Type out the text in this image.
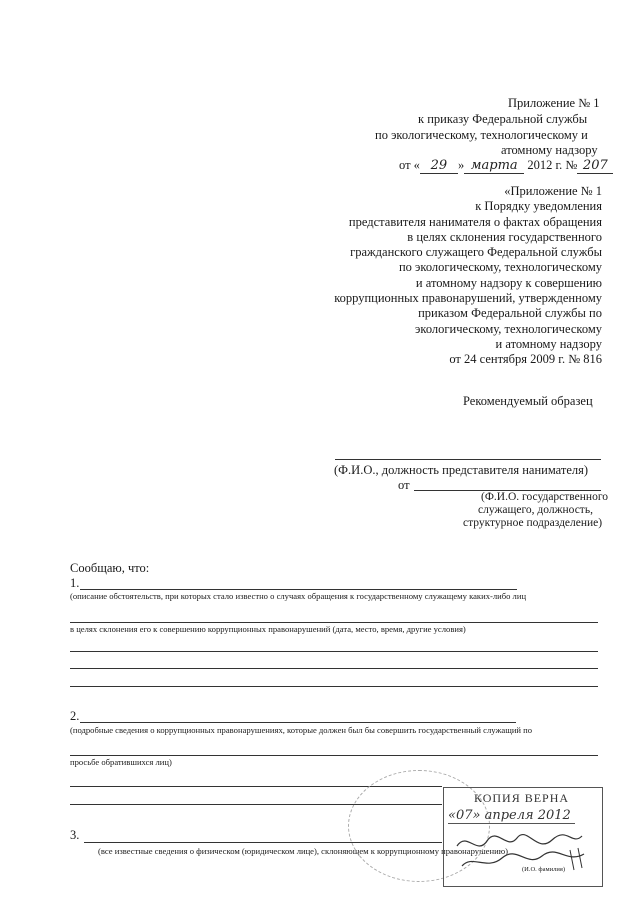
Приложение № 1
к приказу Федеральной службы
по экологическому, технологическому и
атомному надзору
от « 29 » марта 2012 г. № 207
«Приложение № 1
к Порядку уведомления
представителя нанимателя о фактах обращения
в целях склонения государственного
гражданского служащего Федеральной службы
по экологическому, технологическому
и атомному надзору к совершению
коррупционных правонарушений, утвержденному
приказом Федеральной службы по
экологическому, технологическому
и атомному надзору
от 24 сентября 2009 г. № 816
Рекомендуемый образец
(Ф.И.О., должность представителя нанимателя)
от
(Ф.И.О. государственного
служащего, должность,
структурное подразделение)
Сообщаю, что:
1.
(описание обстоятельств, при которых стало известно о случаях обращения к государственному служащему каких-либо лиц
в целях склонения его к совершению коррупционных правонарушений (дата, место, время, другие условия)
2.
(подробные сведения о коррупционных правонарушениях, которые должен был бы совершить государственный служащий по
просьбе обратившихся лиц)
3.
(все известные сведения о физическом (юридическом лице), склоняющем к коррупционному правонарушению)
КОПИЯ ВЕРНА
«07» апреля 2012
(И.О. фамилия)
